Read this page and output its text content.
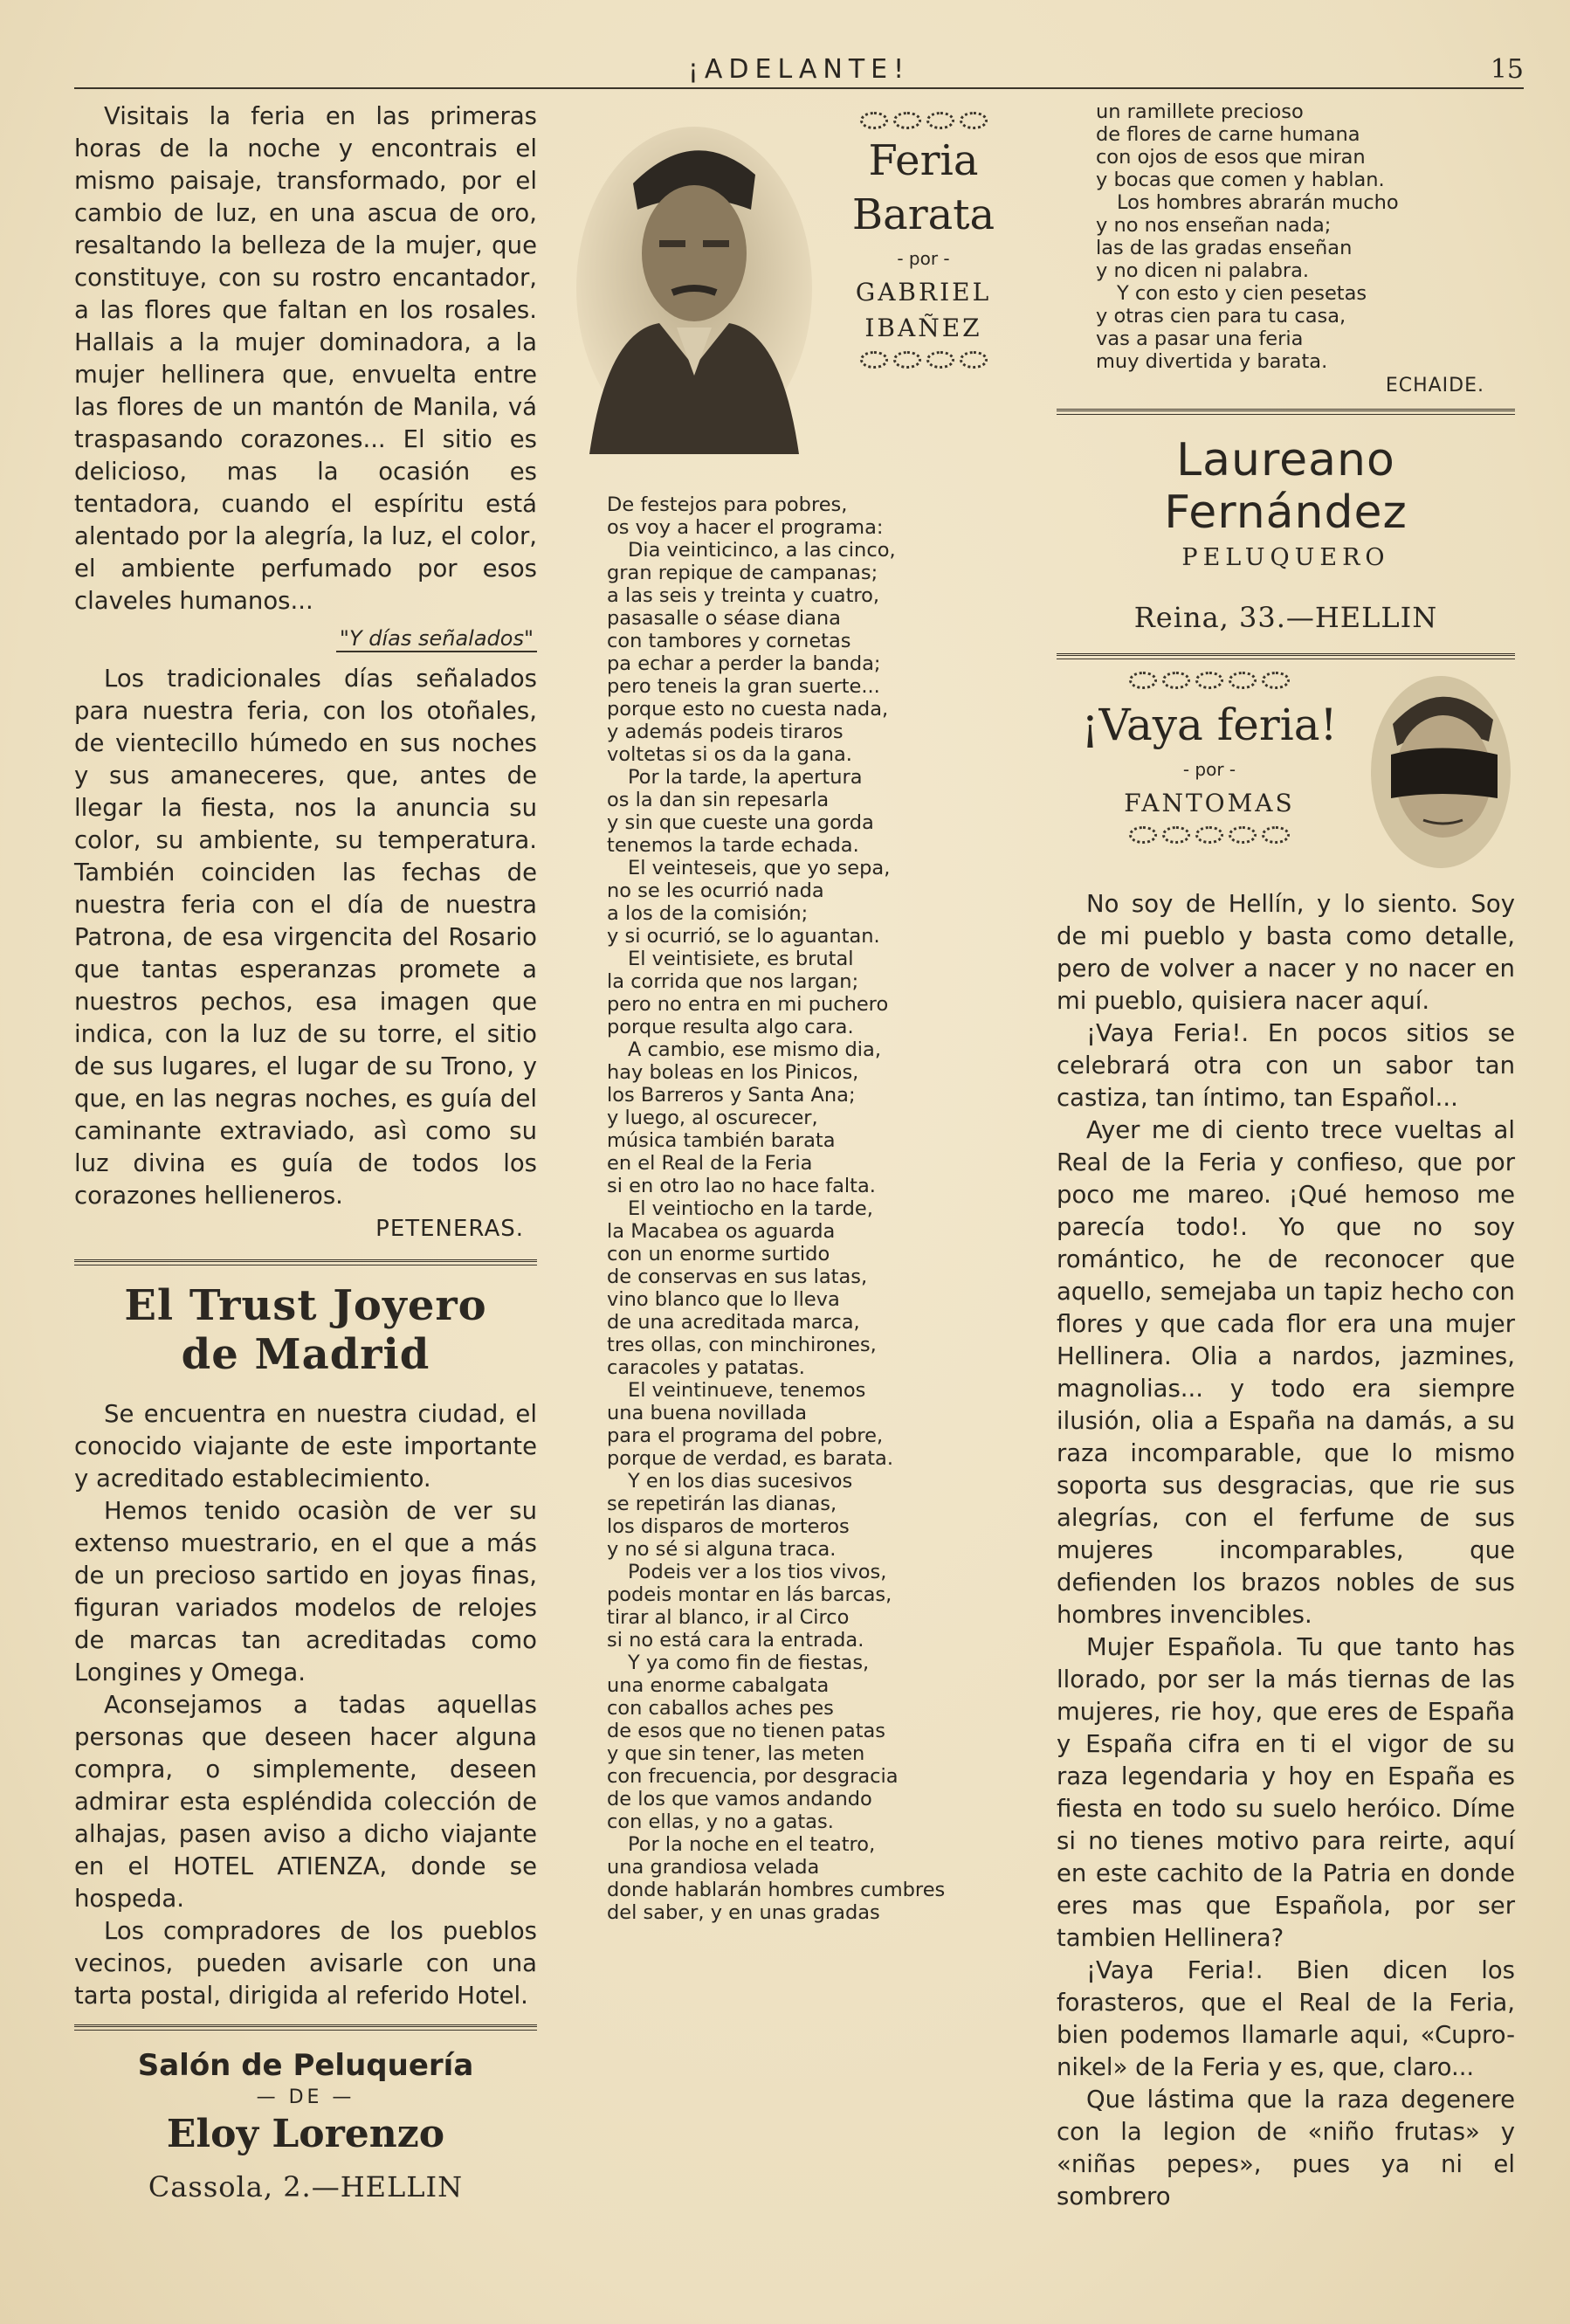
¡ADELANTE!	15
Visitais la feria en las primeras horas de la noche y encontrais el mismo paisaje, transformado, por el cambio de luz, en una ascua de oro, resaltando la belleza de la mujer, que constituye, con su rostro encantador, a las flores que faltan en los rosales. Hallais a la mujer dominadora, a la mujer hellinera que, envuelta entre las flores de un mantón de Manila, vá traspasando corazones... El sitio es delicioso, mas la ocasión es tentadora, cuando el espíritu está alentado por la alegría, la luz, el color, el ambiente perfumado por esos claveles humanos...
"Y días señalados"
Los tradicionales días señalados para nuestra feria, con los otoñales, de vientecillo húmedo en sus noches y sus amaneceres, que, antes de llegar la fiesta, nos la anuncia su color, su ambiente, su temperatura. También coinciden las fechas de nuestra feria con el día de nuestra Patrona, de esa virgencita del Rosario que tantas esperanzas promete a nuestros pechos, esa imagen que indica, con la luz de su torre, el sitio de sus lugares, el lugar de su Trono, y que, en las negras noches, es guía del caminante extraviado, asì como su luz divina es guía de todos los corazones hellieneros.
PETENERAS.
El Trust Joyero
de Madrid
Se encuentra en nuestra ciudad, el conocido viajante de este importante y acreditado establecimiento.
Hemos tenido ocasiòn de ver su extenso muestrario, en el que a más de un precioso sartido en joyas finas, figuran variados modelos de relojes de marcas tan acreditadas como Longines y Omega.
Aconsejamos a tadas aquellas personas que deseen hacer alguna compra, o simplemente, deseen admirar esta espléndida colección de alhajas, pasen aviso a dicho viajante en el HOTEL ATIENZA, donde se hospeda.
Los compradores de los pueblos vecinos, pueden avisarle con una tarta postal, dirigida al referido Hotel.
Salón de Peluquería
— DE —
Eloy Lorenzo
Cassola, 2.—HELLIN
Feria
Barata
- por -
GABRIEL
IBAÑEZ
De festejos para pobres,
os voy a hacer el programa:
Dia veinticinco, a las cinco,
gran repique de campanas;
a las seis y treinta y cuatro,
pasasalle o séase diana
con tambores y cornetas
pa echar a perder la banda;
pero teneis la gran suerte...
porque esto no cuesta nada,
y además podeis tiraros
voltetas si os da la gana.
Por la tarde, la apertura
os la dan sin repesarla
y sin que cueste una gorda
tenemos la tarde echada.
El veinteseis, que yo sepa,
no se les ocurrió nada
a los de la comisión;
y si ocurrió, se lo aguantan.
El veintisiete, es brutal
la corrida que nos largan;
pero no entra en mi puchero
porque resulta algo cara.
A cambio, ese mismo dia,
hay boleas en los Pinicos,
los Barreros y Santa Ana;
y luego, al oscurecer,
música también barata
en el Real de la Feria
si en otro lao no hace falta.
El veintiocho en la tarde,
la Macabea os aguarda
con un enorme surtido
de conservas en sus latas,
vino blanco que lo lleva
de una acreditada marca,
tres ollas, con minchirones,
caracoles y patatas.
El veintinueve, tenemos
una buena novillada
para el programa del pobre,
porque de verdad, es barata.
Y en los dias sucesivos
se repetirán las dianas,
los disparos de morteros
y no sé si alguna traca.
Podeis ver a los tios vivos,
podeis montar en lás barcas,
tirar al blanco, ir al Circo
si no está cara la entrada.
Y ya como fin de fiestas,
una enorme cabalgata
con caballos aches pes
de esos que no tienen patas
y que sin tener, las meten
con frecuencia, por desgracia
de los que vamos andando
con ellas, y no a gatas.
Por la noche en el teatro,
una grandiosa velada
donde hablarán hombres cumbres
del saber, y en unas gradas
un ramillete precioso
de flores de carne humana
con ojos de esos que miran
y bocas que comen y hablan.
Los hombres abrarán mucho
y no nos enseñan nada;
las de las gradas enseñan
y no dicen ni palabra.
Y con esto y cien pesetas
y otras cien para tu casa,
vas a pasar una feria
muy divertida y barata.
ECHAIDE.
Laureano Fernández
PELUQUERO
Reina, 33.—HELLIN
¡Vaya feria!
- por -
FANTOMAS
No soy de Hellín, y lo siento. Soy de mi pueblo y basta como detalle, pero de volver a nacer y no nacer en mi pueblo, quisiera nacer aquí.
¡Vaya Feria!. En pocos sitios se celebrará otra con un sabor tan castiza, tan íntimo, tan Español...
Ayer me di ciento trece vueltas al Real de la Feria y confieso, que por poco me mareo. ¡Qué hemoso me parecía todo!. Yo que no soy romántico, he de reconocer que aquello, semejaba un tapiz hecho con flores y que cada flor era una mujer Hellinera. Olia a nardos, jazmines, magnolias... y todo era siempre ilusión, olia a España na damás, a su raza incomparable, que lo mismo soporta sus desgracias, que rie sus alegrías, con el ferfume de sus mujeres incomparables, que defienden los brazos nobles de sus hombres invencibles.
Mujer Española. Tu que tanto has llorado, por ser la más tiernas de las mujeres, rie hoy, que eres de España y España cifra en ti el vigor de su raza legendaria y hoy en España es fiesta en todo su suelo heróico. Díme si no tienes motivo para reirte, aquí en este cachito de la Patria en donde eres mas que Española, por ser tambien Hellinera?
¡Vaya Feria!. Bien dicen los forasteros, que el Real de la Feria, bien podemos llamarle aqui, «Cupro-nikel» de la Feria y es, que, claro...
Que lástima que la raza degenere con la legion de «niño frutas» y «niñas pepes», pues ya ni el sombrero
